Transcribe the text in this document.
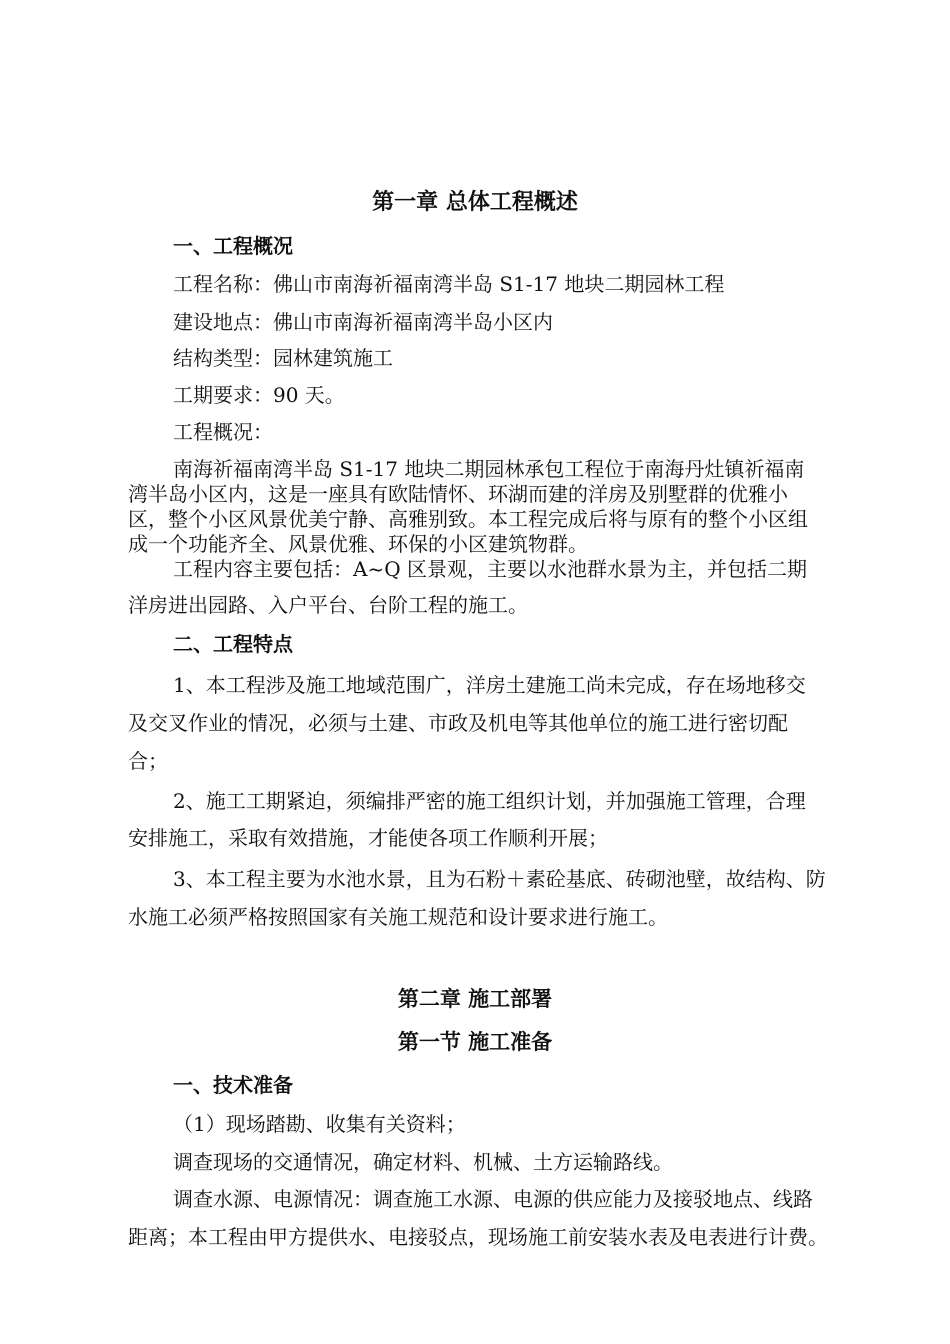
第一章 总体工程概述
一、工程概况
工程名称：佛山市南海祈福南湾半岛 S1-17 地块二期园林工程
建设地点：佛山市南海祈福南湾半岛小区内
结构类型：园林建筑施工
工期要求：90 天。
工程概况：
南海祈福南湾半岛 S1-17 地块二期园林承包工程位于南海丹灶镇祈福南
湾半岛小区内，这是一座具有欧陆情怀、环湖而建的洋房及别墅群的优雅小
区，整个小区风景优美宁静、高雅别致。本工程完成后将与原有的整个小区组
成一个功能齐全、风景优雅、环保的小区建筑物群。
工程内容主要包括：A~Q 区景观，主要以水池群水景为主，并包括二期
洋房进出园路、入户平台、台阶工程的施工。
二、工程特点
1、本工程涉及施工地域范围广，洋房土建施工尚未完成，存在场地移交
及交叉作业的情况，必须与土建、市政及机电等其他单位的施工进行密切配
合；
2、施工工期紧迫，须编排严密的施工组织计划，并加强施工管理，合理
安排施工，采取有效措施，才能使各项工作顺利开展；
3、本工程主要为水池水景，且为石粉＋素砼基底、砖砌池壁，故结构、防
水施工必须严格按照国家有关施工规范和设计要求进行施工。
第二章 施工部署
第一节 施工准备
一、技术准备
（1）现场踏勘、收集有关资料；
调查现场的交通情况，确定材料、机械、土方运输路线。
调查水源、电源情况：调查施工水源、电源的供应能力及接驳地点、线路
距离；本工程由甲方提供水、电接驳点，现场施工前安装水表及电表进行计费。
